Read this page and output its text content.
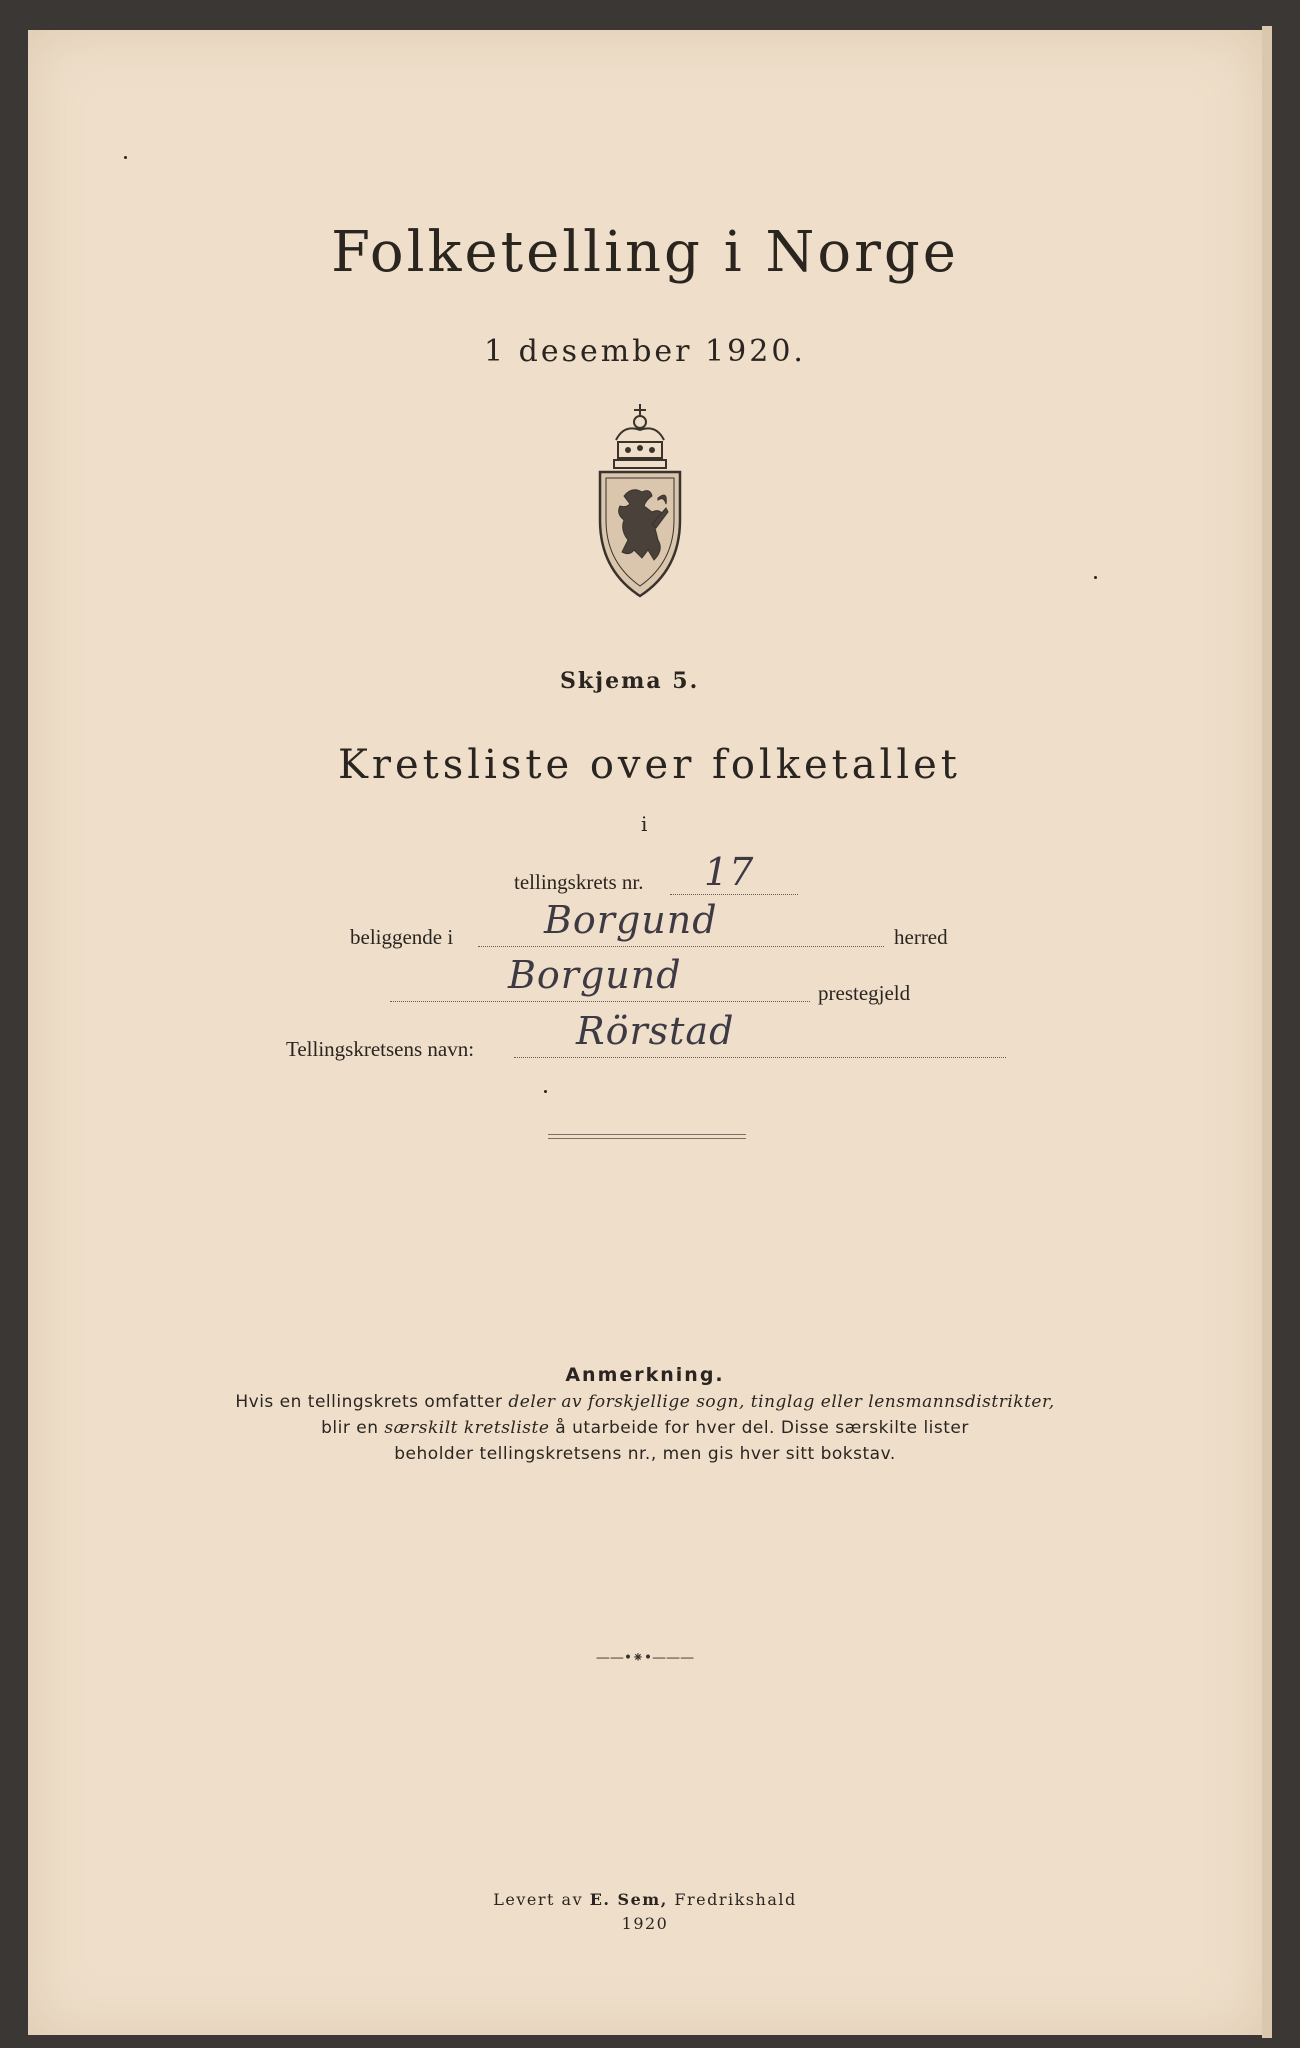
Folketelling i Norge
1 desember 1920.
Skjema 5.
Kretsliste over folketallet
i
tellingskrets nr. 17
beliggende i Borgund	herred
Borgund	prestegjeld
Tellingskretsens navn:	Rörstad
Anmerkning.
Hvis en tellingskrets omfatter deler av forskjellige sogn, tinglag eller lensmannsdistrikter,
blir en særskilt kretsliste å utarbeide for hver del. Disse særskilte lister
beholder tellingskretsens nr., men gis hver sitt bokstav.
——•⁕•———
Levert av E. Sem, Fredrikshald
1920
